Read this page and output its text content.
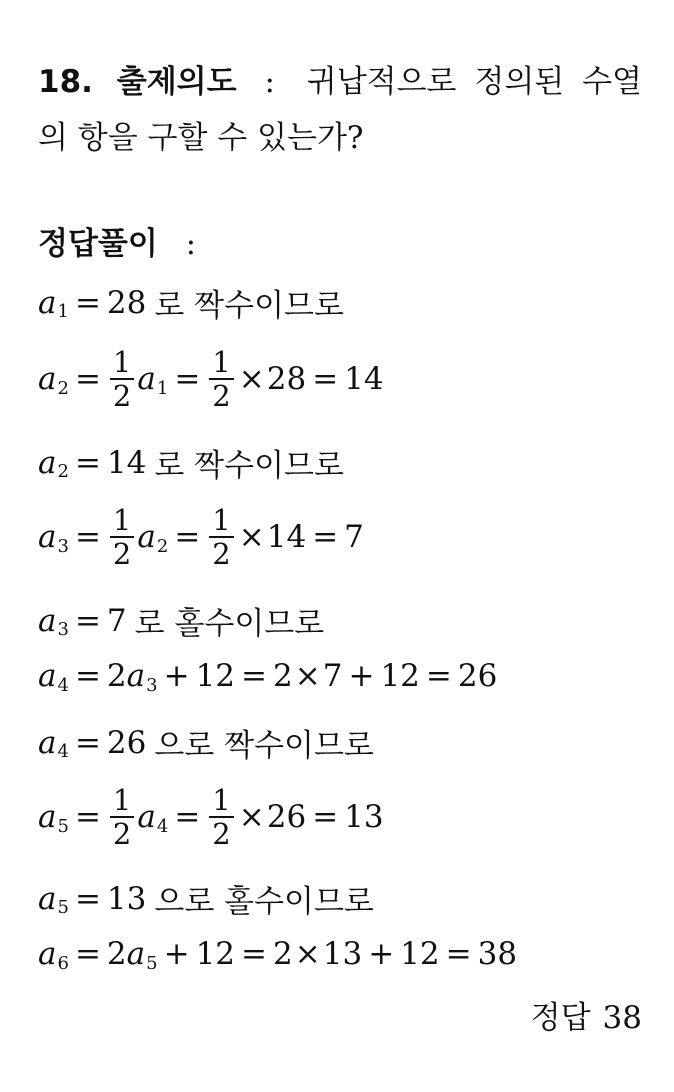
18. 출제의도 :	귀납적으로 정의된 수열
의 항을 구할 수 있는가?
정답풀이 :
a 1 = 28 로 짝수이므로
a $2 = \frac{1}{2}$ a $1 = \frac{1}{2} \times 28 = 14$
a 2 = 14 로 짝수이므로
a $3 = \frac{1}{2}$ a $2 = \frac{1}{2} \times 14 = 7$
a 3 = 7 로 홀수이므로
a 4 = 2 a 3 + 12 = 2 × 7 + 12 = 26
a 4 = 26 으로 짝수이므로
a $5 = \frac{1}{2}$ a $4 = \frac{1}{2} \times 26 = 13$
a 5 = 13 으로 홀수이므로
a 6 = 2 a 5 + 12 = 2 × 13 + 12 = 38
정답 38
